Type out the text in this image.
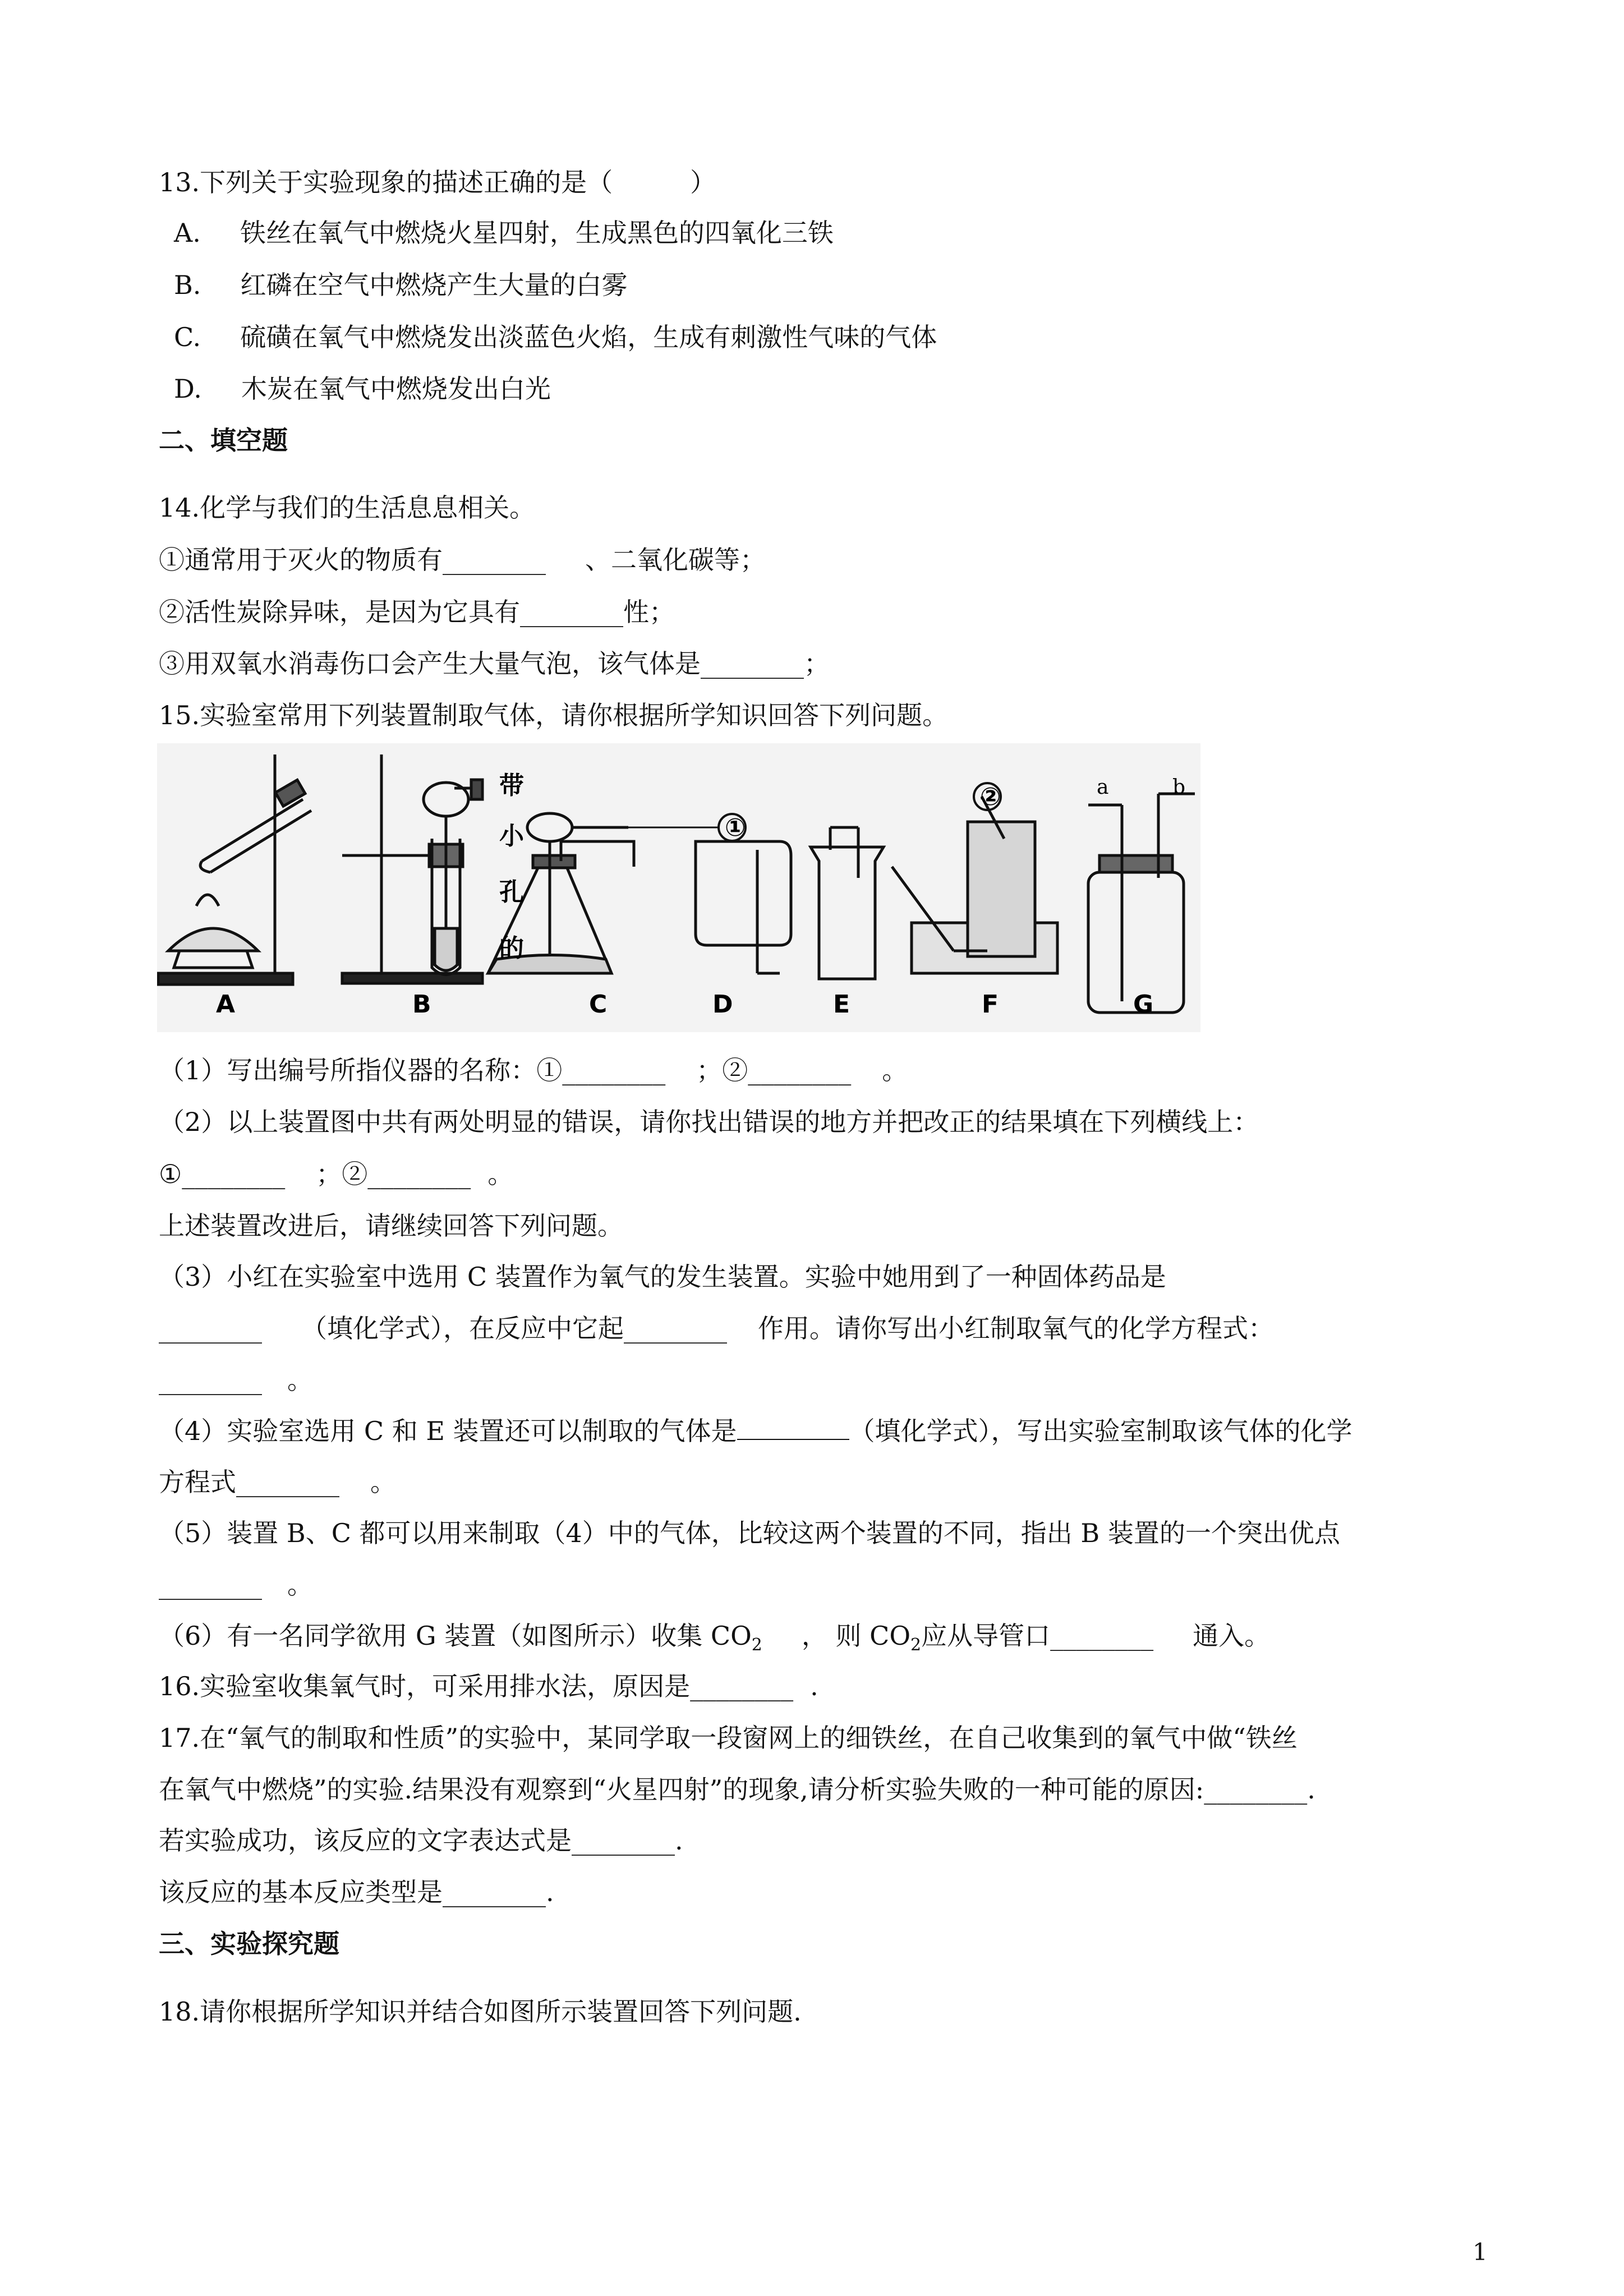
13.下列关于实验现象的描述正确的是（　　　）
A. 铁丝在氧气中燃烧火星四射，生成黑色的四氧化三铁
B. 红磷在空气中燃烧产生大量的白雾
C. 硫磺在氧气中燃烧发出淡蓝色火焰，生成有刺激性气味的气体
D. 木炭在氧气中燃烧发出白光
二、填空题
14.化学与我们的生活息息相关。
①通常用于灭火的物质有________ 、二氧化碳等；
②活性炭除异味，是因为它具有________性；
③用双氧水消毒伤口会产生大量气泡，该气体是________；
15.实验室常用下列装置制取气体，请你根据所学知识回答下列问题。
①
②
带
小
孔
的
a	b
A	B	C	D	E	F	G
（1）写出编号所指仪器的名称：①________ ；②________ 。
（2）以上装置图中共有两处明显的错误，请你找出错误的地方并把改正的结果填在下列横线上：
①________ ；②________ 。
上述装置改进后，请继续回答下列问题。
（3）小红在实验室中选用 C 装置作为氧气的发生装置。实验中她用到了一种固体药品是
________ （填化学式），在反应中它起________ 作用。请你写出小红制取氧气的化学方程式：
________ 。
（4）实验室选用 C 和 E 装置还可以制取的气体是	（填化学式），写出实验室制取该气体的化学
方程式________ 。
（5）装置 B、C 都可以用来制取（4）中的气体，比较这两个装置的不同，指出 B 装置的一个突出优点
________ 。
（6）有一名同学欲用 G 装置（如图所示）收集 $CO_2$ ， 则 $CO_2$应从导管口________ 通入。
16.实验室收集氧气时，可采用排水法，原因是________ .
17.在“氧气的制取和性质”的实验中，某同学取一段窗网上的细铁丝，在自己收集到的氧气中做“铁丝
在氧气中燃烧”的实验.结果没有观察到“火星四射”的现象,请分析实验失败的一种可能的原因:________.
若实验成功，该反应的文字表达式是________.
该反应的基本反应类型是________.
三、实验探究题
18.请你根据所学知识并结合如图所示装置回答下列问题.
1
